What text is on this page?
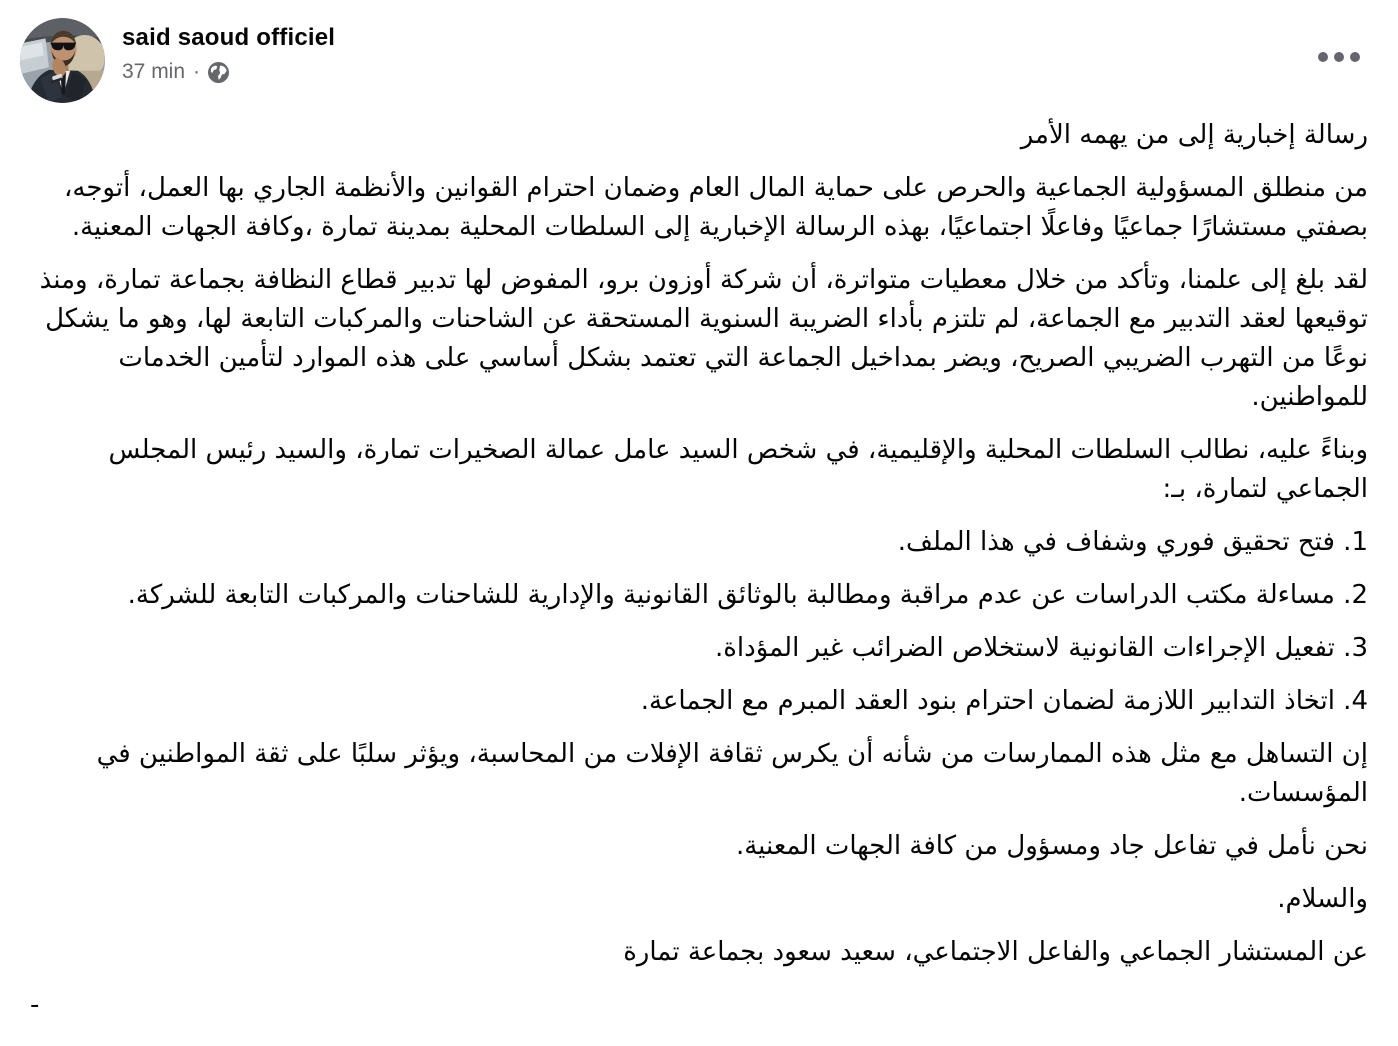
said saoud officiel
37 min ·

رسالة إخبارية إلى من يهمه الأمر

من منطلق المسؤولية الجماعية والحرص على حماية المال العام وضمان احترام القوانين والأنظمة الجاري بها العمل، أتوجه، بصفتي مستشارًا جماعيًا وفاعلًا اجتماعيًا، بهذه الرسالة الإخبارية إلى السلطات المحلية بمدينة تمارة ،وكافة الجهات المعنية.

لقد بلغ إلى علمنا، وتأكد من خلال معطيات متواترة، أن شركة أوزون برو، المفوض لها تدبير قطاع النظافة بجماعة تمارة، ومنذ توقيعها لعقد التدبير مع الجماعة، لم تلتزم بأداء الضريبة السنوية المستحقة عن الشاحنات والمركبات التابعة لها، وهو ما يشكل نوعًا من التهرب الضريبي الصريح، ويضر بمداخيل الجماعة التي تعتمد بشكل أساسي على هذه الموارد لتأمين الخدمات للمواطنين.

وبناءً عليه، نطالب السلطات المحلية والإقليمية، في شخص السيد عامل عمالة الصخيرات تمارة، والسيد رئيس المجلس الجماعي لتمارة، بـ:

1. فتح تحقيق فوري وشفاف في هذا الملف.

2. مساءلة مكتب الدراسات عن عدم مراقبة ومطالبة بالوثائق القانونية والإدارية للشاحنات والمركبات التابعة للشركة.

3. تفعيل الإجراءات القانونية لاستخلاص الضرائب غير المؤداة.

4. اتخاذ التدابير اللازمة لضمان احترام بنود العقد المبرم مع الجماعة.

إن التساهل مع مثل هذه الممارسات من شأنه أن يكرس ثقافة الإفلات من المحاسبة، ويؤثر سلبًا على ثقة المواطنين في المؤسسات.

نحن نأمل في تفاعل جاد ومسؤول من كافة الجهات المعنية.

والسلام.

عن المستشار الجماعي والفاعل الاجتماعي، سعيد سعود بجماعة تمارة

-
